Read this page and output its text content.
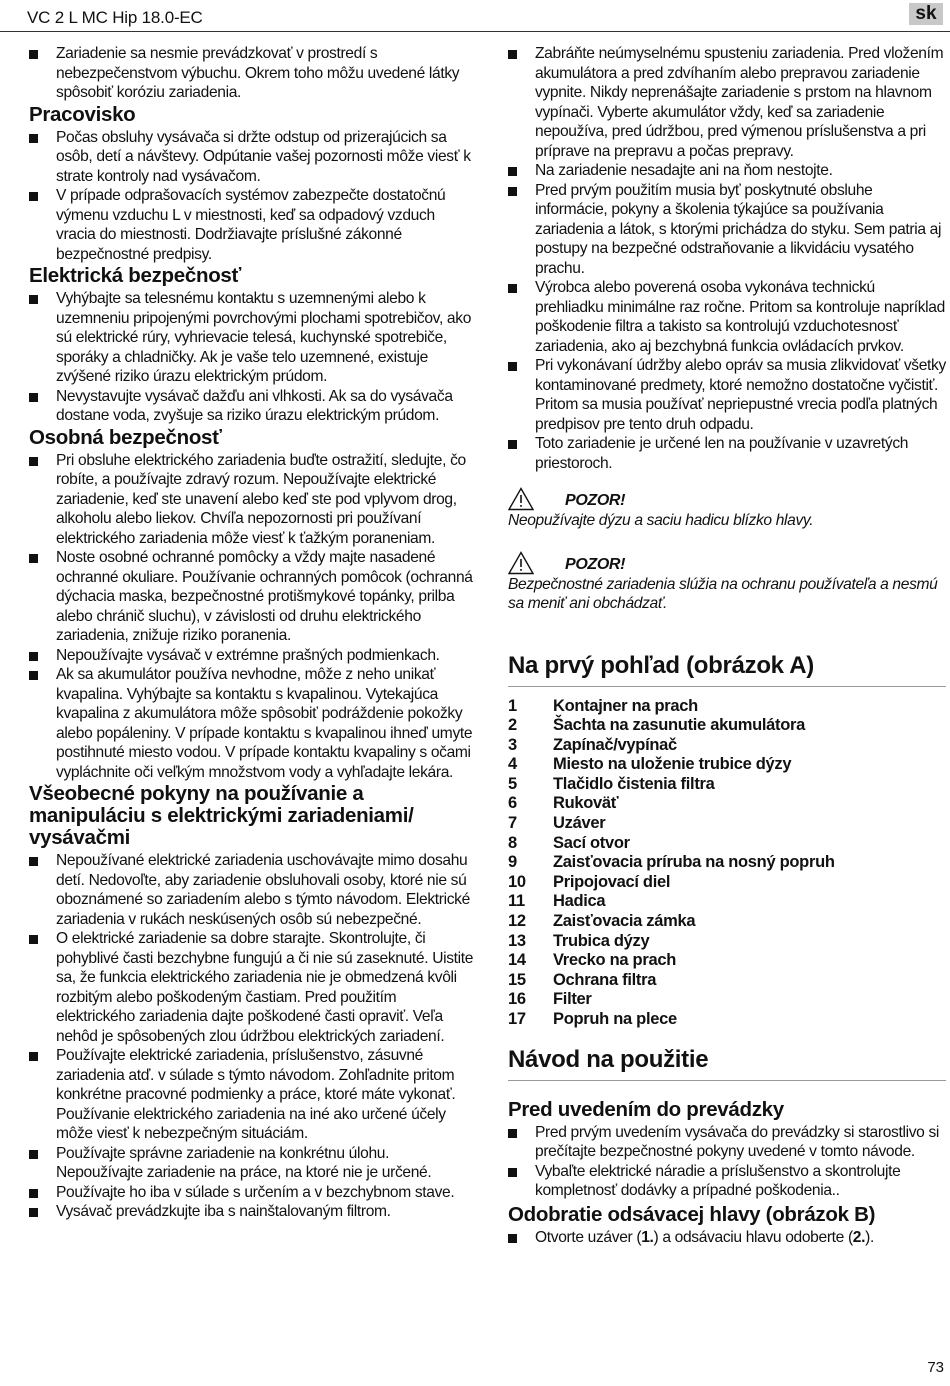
VC 2 L MC Hip 18.0-EC	sk
Zariadenie sa nesmie prevádzkovať v prostredí s nebezpečenstvom výbuchu. Okrem toho môžu uvedené látky spôsobiť koróziu zariadenia.
Pracovisko
Počas obsluhy vysávača si držte odstup od prizerajúcich sa osôb, detí a návštevy. Odpútanie vašej pozornosti môže viesť k strate kontroly nad vysávačom.
V prípade odprašovacích systémov zabezpečte dostatočnú výmenu vzduchu L v miestnosti, keď sa odpadový vzduch vracia do miestnosti. Dodržiavajte príslušné zákonné bezpečnostné predpisy.
Elektrická bezpečnosť
Vyhýbajte sa telesnému kontaktu s uzemnenými alebo k uzemneniu pripojenými povrchovými plochami spotrebičov, ako sú elektrické rúry, vyhrievacie telesá, kuchynské spotrebiče, sporáky a chladničky. Ak je vaše telo uzemnené, existuje zvýšené riziko úrazu elektrickým prúdom.
Nevystavujte vysávač dažďu ani vlhkosti. Ak sa do vysávača dostane voda, zvyšuje sa riziko úrazu elektrickým prúdom.
Osobná bezpečnosť
Pri obsluhe elektrického zariadenia buďte ostražití, sledujte, čo robíte, a používajte zdravý rozum. Nepoužívajte elektrické zariadenie, keď ste unavení alebo keď ste pod vplyvom drog, alkoholu alebo liekov. Chvíľa nepozornosti pri používaní elektrického zariadenia môže viesť k ťažkým poraneniam.
Noste osobné ochranné pomôcky a vždy majte nasadené ochranné okuliare. Používanie ochranných pomôcok (ochranná dýchacia maska, bezpečnostné protišmykové topánky, prilba alebo chránič sluchu), v závislosti od druhu elektrického zariadenia, znižuje riziko poranenia.
Nepoužívajte vysávač v extrémne prašných podmienkach.
Ak sa akumulátor používa nevhodne, môže z neho unikať kvapalina. Vyhýbajte sa kontaktu s kvapalinou. Vytekajúca kvapalina z akumulátora môže spôsobiť podráždenie pokožky alebo popáleniny. V prípade kontaktu s kvapalinou ihneď umyte postihnuté miesto vodou. V prípade kontaktu kvapaliny s očami vypláchnite oči veľkým množstvom vody a vyhľadajte lekára.
Všeobecné pokyny na používanie a manipuláciu s elektrickými zariadeniami/ vysávačmi
Nepoužívané elektrické zariadenia uschovávajte mimo dosahu detí. Nedovoľte, aby zariadenie obsluhovali osoby, ktoré nie sú oboznámené so zariadením alebo s týmto návodom. Elektrické zariadenia v rukách neskúsených osôb sú nebezpečné.
O elektrické zariadenie sa dobre starajte. Skontrolujte, či pohyblivé časti bezchybne fungujú a či nie sú zaseknuté. Uistite sa, že funkcia elektrického zariadenia nie je obmedzená kvôli rozbitým alebo poškodeným častiam. Pred použitím elektrického zariadenia dajte poškodené časti opraviť. Veľa nehôd je spôsobených zlou údržbou elektrických zariadení.
Používajte elektrické zariadenia, príslušenstvo, zásuvné zariadenia atď. v súlade s týmto návodom. Zohľadnite pritom konkrétne pracovné podmienky a práce, ktoré máte vykonať. Používanie elektrického zariadenia na iné ako určené účely môže viesť k nebezpečným situáciám.
Používajte správne zariadenie na konkrétnu úlohu. Nepoužívajte zariadenie na práce, na ktoré nie je určené.
Používajte ho iba v súlade s určením a v bezchybnom stave.
Vysávač prevádzkujte iba s nainštalovaným filtrom.
Zabráňte neúmyselnému spusteniu zariadenia. Pred vložením akumulátora a pred zdvíhaním alebo prepravou zariadenie vypnite. Nikdy neprenášajte zariadenie s prstom na hlavnom vypínači. Vyberte akumulátor vždy, keď sa zariadenie nepoužíva, pred údržbou, pred výmenou príslušenstva a pri príprave na prepravu a počas prepravy.
Na zariadenie nesadajte ani na ňom nestojte.
Pred prvým použitím musia byť poskytnuté obsluhe informácie, pokyny a školenia týkajúce sa používania zariadenia a látok, s ktorými prichádza do styku. Sem patria aj postupy na bezpečné odstraňovanie a likvidáciu vysatého prachu.
Výrobca alebo poverená osoba vykonáva technickú prehliadku minimálne raz ročne. Pritom sa kontroluje napríklad poškodenie filtra a takisto sa kontrolujú vzduchotesnosť zariadenia, ako aj bezchybná funkcia ovládacích prvkov.
Pri vykonávaní údržby alebo opráv sa musia zlikvidovať všetky kontaminované predmety, ktoré nemožno dostatočne vyčistiť. Pritom sa musia používať nepriepustné vrecia podľa platných predpisov pre tento druh odpadu.
Toto zariadenie je určené len na používanie v uzavretých priestoroch.
POZOR!
Neopužívajte dýzu a saciu hadicu blízko hlavy.
POZOR!
Bezpečnostné zariadenia slúžia na ochranu používateľa a nesmú sa meniť ani obchádzať.
Na prvý pohľad (obrázok A)
1	Kontajner na prach
2	Šachta na zasunutie akumulátora
3	Zapínač/vypínač
4	Miesto na uloženie trubice dýzy
5	Tlačidlo čistenia filtra
6	Rukoväť
7	Uzáver
8	Sací otvor
9	Zaisťovacia príruba na nosný popruh
10	Pripojovací diel
11	Hadica
12	Zaisťovacia zámka
13	Trubica dýzy
14	Vrecko na prach
15	Ochrana filtra
16	Filter
17	Popruh na plece
Návod na použitie
Pred uvedením do prevádzky
Pred prvým uvedením vysávača do prevádzky si starostlivo si prečítajte bezpečnostné pokyny uvedené v tomto návode.
Vybaľte elektrické náradie a príslušenstvo a skontrolujte kompletnosť dodávky a prípadné poškodenia..
Odobratie odsávacej hlavy (obrázok B)
Otvorte uzáver (1.) a odsávaciu hlavu odoberte (2.).
73
